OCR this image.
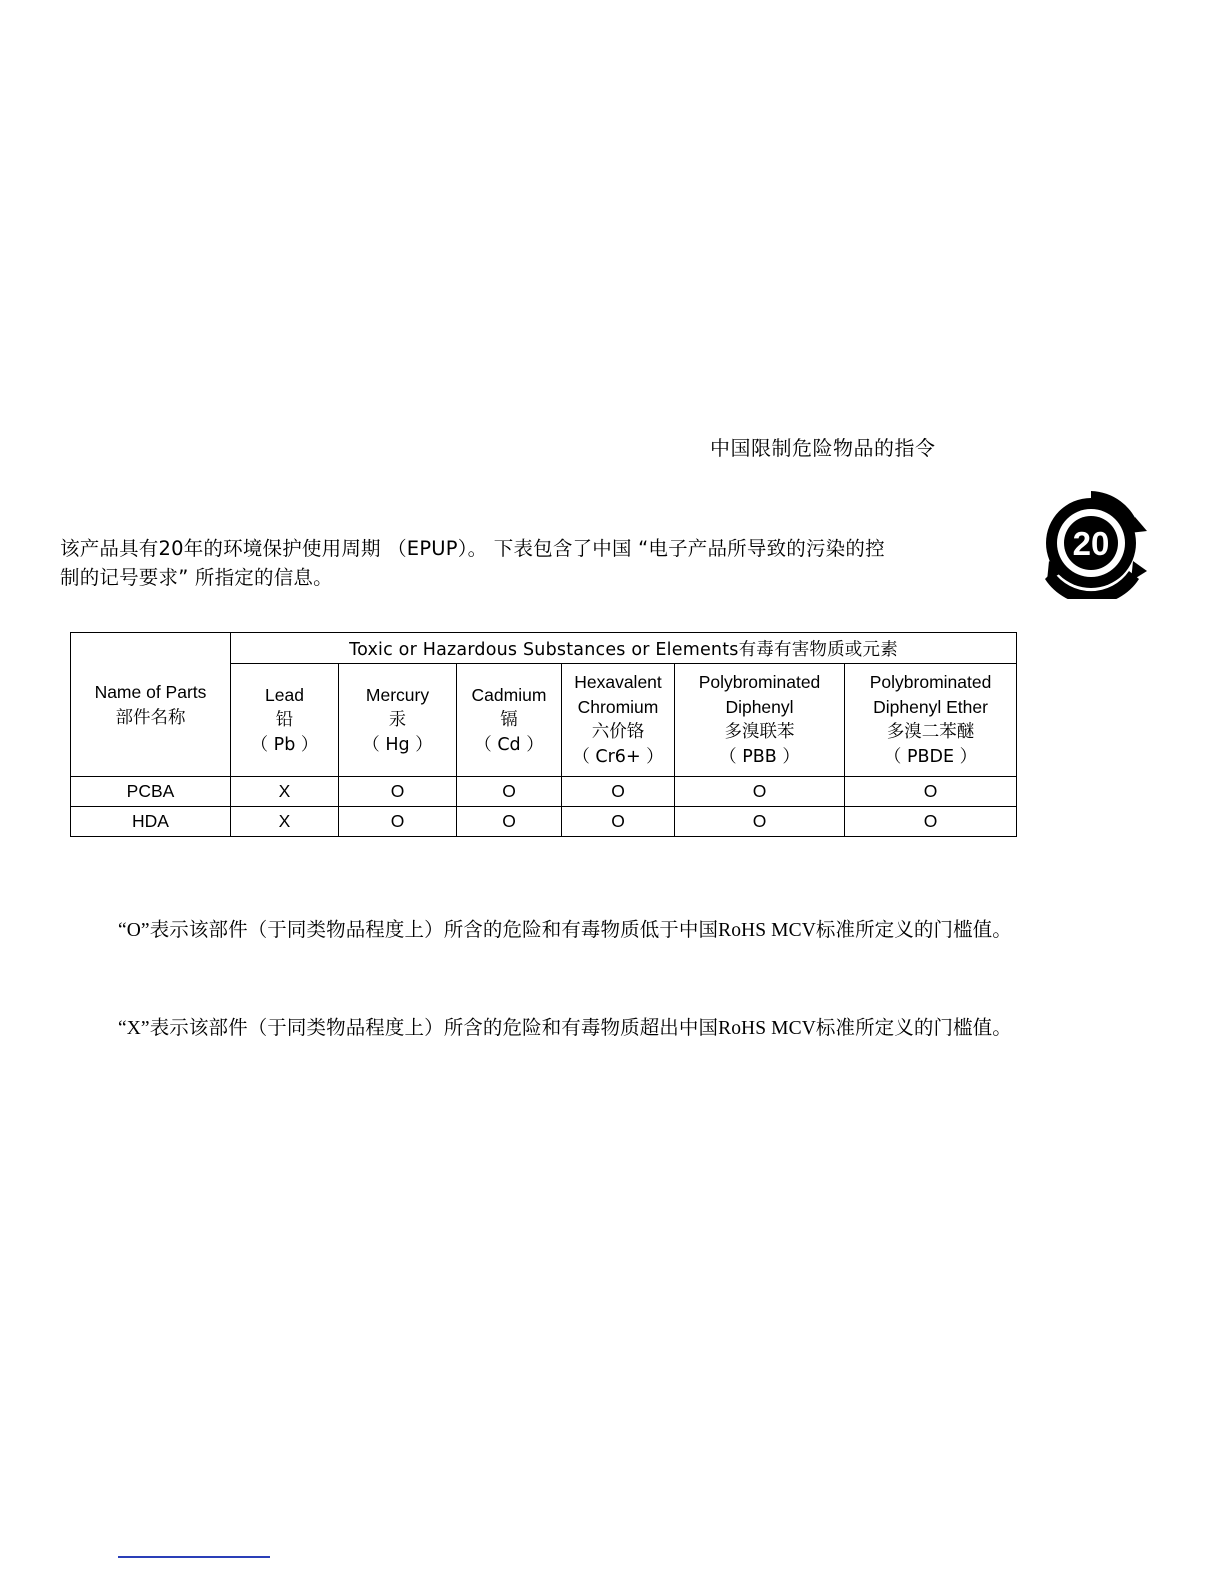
中国限制危险物品的指令
该产品具有20年的环境保护使用周期 （EPUP）。 下表包含了中国 “电子产品所导致的污染的控
制的记号要求” 所指定的信息。
20
Name of Parts
部件名称	Toxic or Hazardous Substances or Elements有毒有害物质或元素					

Lead
铅
（ Pb ）

Mercury
汞
（ Hg ）

Cadmium
镉
（ Cd ）

Hexavalent
Chromium
六价铬
（ Cr6+ ）

Polybrominated
Diphenyl
多溴联苯
（ PBB ）

Polybrominated
Diphenyl Ether
多溴二苯醚
（ PBDE ）

PCBA	X	O	O	O	O	O
HDA	X	O	O	O	O	O
“O”表示该部件（于同类物品程度上）所含的危险和有毒物质低于中国RoHS MCV标准所定义的门槛值。
“X”表示该部件（于同类物品程度上）所含的危险和有毒物质超出中国RoHS MCV标准所定义的门槛值。
